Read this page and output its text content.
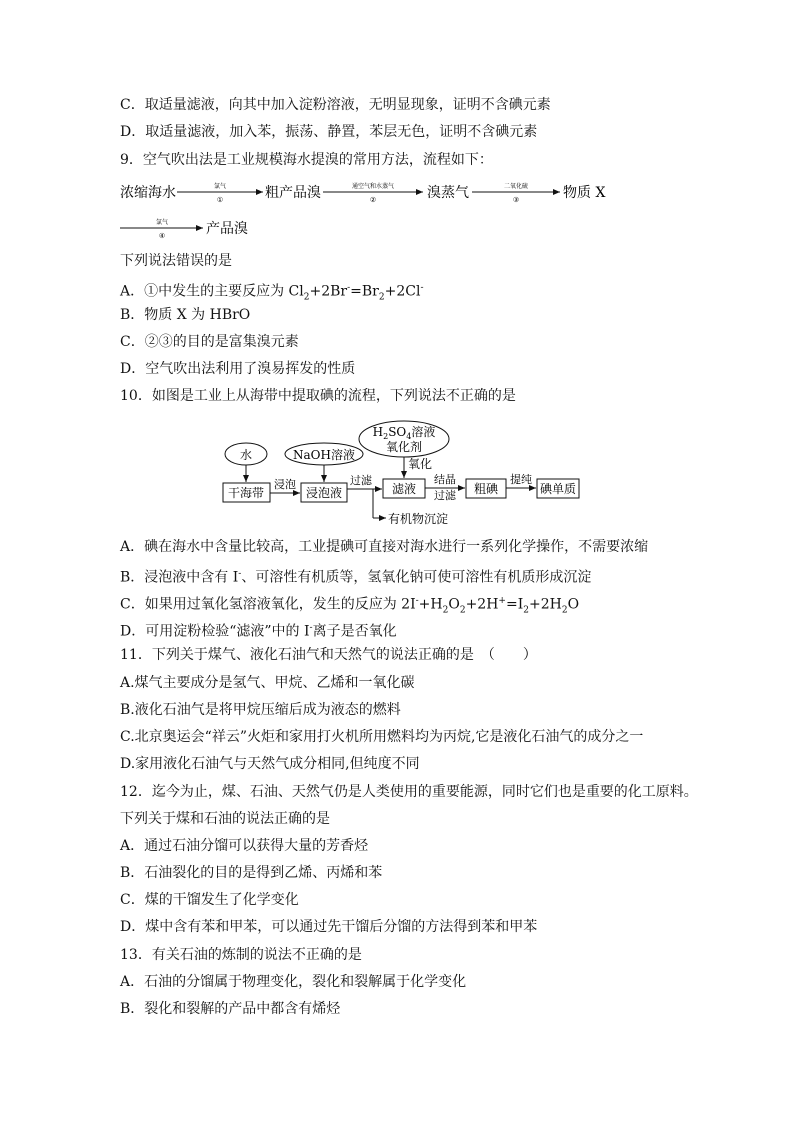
C．取适量滤液，向其中加入淀粉溶液，无明显现象，证明不含碘元素
D．取适量滤液，加入苯，振荡、静置，苯层无色，证明不含碘元素
9．空气吹出法是工业规模海水提溴的常用方法，流程如下：
浓缩海水	氯气
①	粗产品溴	通空气和水蒸气
②	溴蒸气	二氧化硫
③	物质 X
氯气
④	产品溴
下列说法错误的是
A．①中发生的主要反应为 $Cl_2+2Br^-=Br_2+2Cl^-$
B．物质 X 为 HBrO
C．②③的目的是富集溴元素
D．空气吹出法利用了溴易挥发的性质
10．如图是工业上从海带中提取碘的流程，下列说法不正确的是
水	NaOH溶液
$H_2SO_4$溶液
氧化剂
氧化
干海带	浸泡液	滤液	粗碘	碘单质
浸泡	过滤	结晶
过滤
提纯
有机物沉淀
A．碘在海水中含量比较高，工业提碘可直接对海水进行一系列化学操作，不需要浓缩
B．浸泡液中含有 I-、可溶性有机质等，氢氧化钠可使可溶性有机质形成沉淀
C．如果用过氧化氢溶液氧化，发生的反应为 $2I^-+H_2O_2+2H^+=I_2+2H_2O$
D．可用淀粉检验“滤液”中的 I-离子是否氧化
11．下列关于煤气、液化石油气和天然气的说法正确的是　（　　）
A.煤气主要成分是氢气、甲烷、乙烯和一氧化碳
B.液化石油气是将甲烷压缩后成为液态的燃料
C.北京奥运会“祥云”火炬和家用打火机所用燃料均为丙烷,它是液化石油气的成分之一
D.家用液化石油气与天然气成分相同,但纯度不同
12．迄今为止，煤、石油、天然气仍是人类使用的重要能源，同时它们也是重要的化工原料。
下列关于煤和石油的说法正确的是
A．通过石油分馏可以获得大量的芳香烃
B．石油裂化的目的是得到乙烯、丙烯和苯
C．煤的干馏发生了化学变化
D．煤中含有苯和甲苯，可以通过先干馏后分馏的方法得到苯和甲苯
13．有关石油的炼制的说法不正确的是
A．石油的分馏属于物理变化，裂化和裂解属于化学变化
B．裂化和裂解的产品中都含有烯烃
